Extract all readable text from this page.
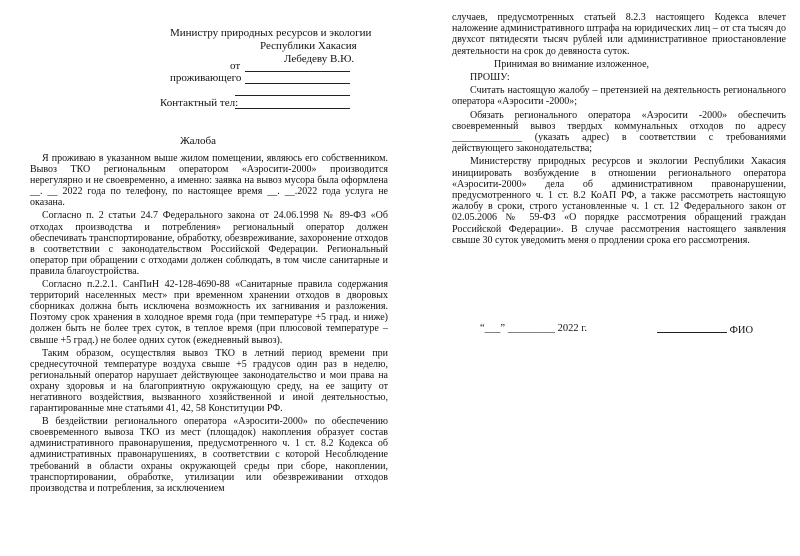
Министру природных ресурсов и экологии
Республики Хакасия
Лебедеву В.Ю.
от
проживающего
Контактный тел:
Жалоба

Я проживаю в указанном выше жилом помещении, являюсь его собственником. Вывоз ТКО региональным оператором «Аэросити-2000» производится нерегулярно и не своевременно, а именно: заявка на вывоз мусора была оформлена __. __ 2022 года по телефону, по настоящее время __. __.2022 года услуга не оказана.

Согласно п. 2 статьи 24.7 Федерального закона от 24.06.1998 № 89-ФЗ «Об отходах производства и потребления» региональный оператор должен обеспечивать транспортирование, обработку, обезвреживание, захоронение отходов в соответствии с законодательством Российской Федерации. Региональный оператор при обращении с отходами должен соблюдать, в том числе санитарные и правила благоустройства.

Согласно п.2.2.1. СанПиН 42-128-4690-88 «Санитарные правила содержания территорий населенных мест» при временном хранении отходов в дворовых сборниках должна быть исключена возможность их загнивания и разложения. Поэтому срок хранения в холодное время года (при температуре +5 град. и ниже) должен быть не более трех суток, в теплое время (при плюсовой температуре – свыше +5 град.) не более одних суток (ежедневный вывоз).

Таким образом, осуществляя вывоз ТКО в летний период времени при среднесуточной температуре воздуха свыше +5 градусов один раз в неделю, региональный оператор нарушает действующее законодательство и мои права на охрану здоровья и на благоприятную окружающую среду, на ее защиту от негативного воздействия, вызванного хозяйственной и иной деятельностью, гарантированные мне статьями 41, 42, 58 Конституции РФ.

В бездействии регионального оператора «Аэросити-2000» по обеспечению своевременного вывоза ТКО из мест (площадок) накопления образует состав административного правонарушения, предусмотренного ч. 1 ст. 8.2 Кодекса об административных правонарушениях, в соответствии с которой Несоблюдение требований в области охраны окружающей среды при сборе, накоплении, транспортировании, обработке, утилизации или обезвреживании отходов производства и потребления, за исключением

случаев, предусмотренных статьей 8.2.3 настоящего Кодекса влечет наложение административного штрафа на юридических лиц – от ста тысяч до двухсот пятидесяти тысяч рублей или административное приостановление деятельности на срок до девяноста суток.

Принимая во внимание изложенное,

ПРОШУ:

Считать настоящую жалобу – претензией на деятельность регионального оператора «Аэросити -2000»;

Обязать регионального оператора «Аэросити -2000» обеспечить своевременный вывоз твердых коммунальных отходов по адресу ______________ (указать адрес) в соответствии с требованиями действующего законодательства;

Министерству природных ресурсов и экологии Республики Хакасия инициировать возбуждение в отношении регионального оператора «Аэросити-2000» дела об административном правонарушении, предусмотренного ч. 1 ст. 8.2 КоАП РФ, а также рассмотреть настоящую жалобу в сроки, строго установленные ч. 1 ст. 12 Федерального закон от 02.05.2006 № 59-ФЗ «О порядке рассмотрения обращений граждан Российской Федерации». В случае рассмотрения настоящего заявления свыше 30 суток уведомить меня о продлении срока его рассмотрения.

“___” _________ 2022 г.	ФИО
